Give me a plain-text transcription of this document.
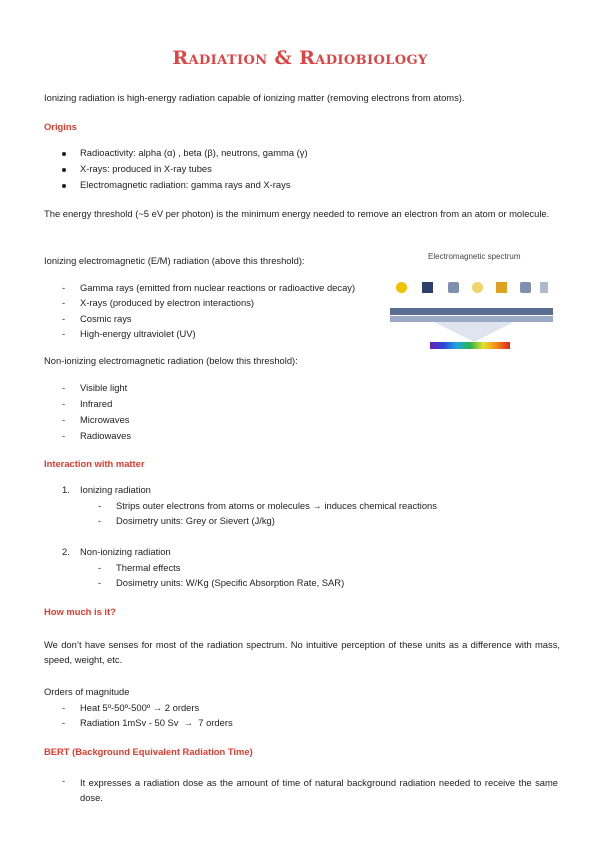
Radiation & Radiobiology
Ionizing radiation is high-energy radiation capable of ionizing matter (removing electrons from atoms).
Origins
Radioactivity: alpha (α) , beta (β), neutrons, gamma (γ)
X-rays: produced in X-ray tubes
Electromagnetic radiation: gamma rays and X-rays
The energy threshold (~5 eV per photon) is the minimum energy needed to remove an electron from an atom or molecule.
Ionizing electromagnetic (E/M) radiation (above this threshold):
- Gamma rays (emitted from nuclear reactions or radioactive decay)
- X-rays (produced by electron interactions)
- Cosmic rays
- High-energy ultraviolet (UV)
Electromagnetic spectrum
Non-ionizing electromagnetic radiation (below this threshold):
- Visible light
- Infrared
- Microwaves
- Radiowaves
Interaction with matter
1. Ionizing radiation
- Strips outer electrons from atoms or molecules → induces chemical reactions
- Dosimetry units: Grey or Sievert (J/kg)
2. Non-ionizing radiation
- Thermal effects
- Dosimetry units: W/Kg (Specific Absorption Rate, SAR)
How much is it?
We don’t have senses for most of the radiation spectrum. No intuitive perception of these units as a difference with mass, speed, weight, etc.
Orders of magnitude
- Heat 5º-50º-500º → 2 orders
- Radiation 1mSv - 50 Sv  →  7 orders
BERT (Background Equivalent Radiation Time)
- It expresses a radiation dose as the amount of time of natural background radiation needed to receive the same dose.
